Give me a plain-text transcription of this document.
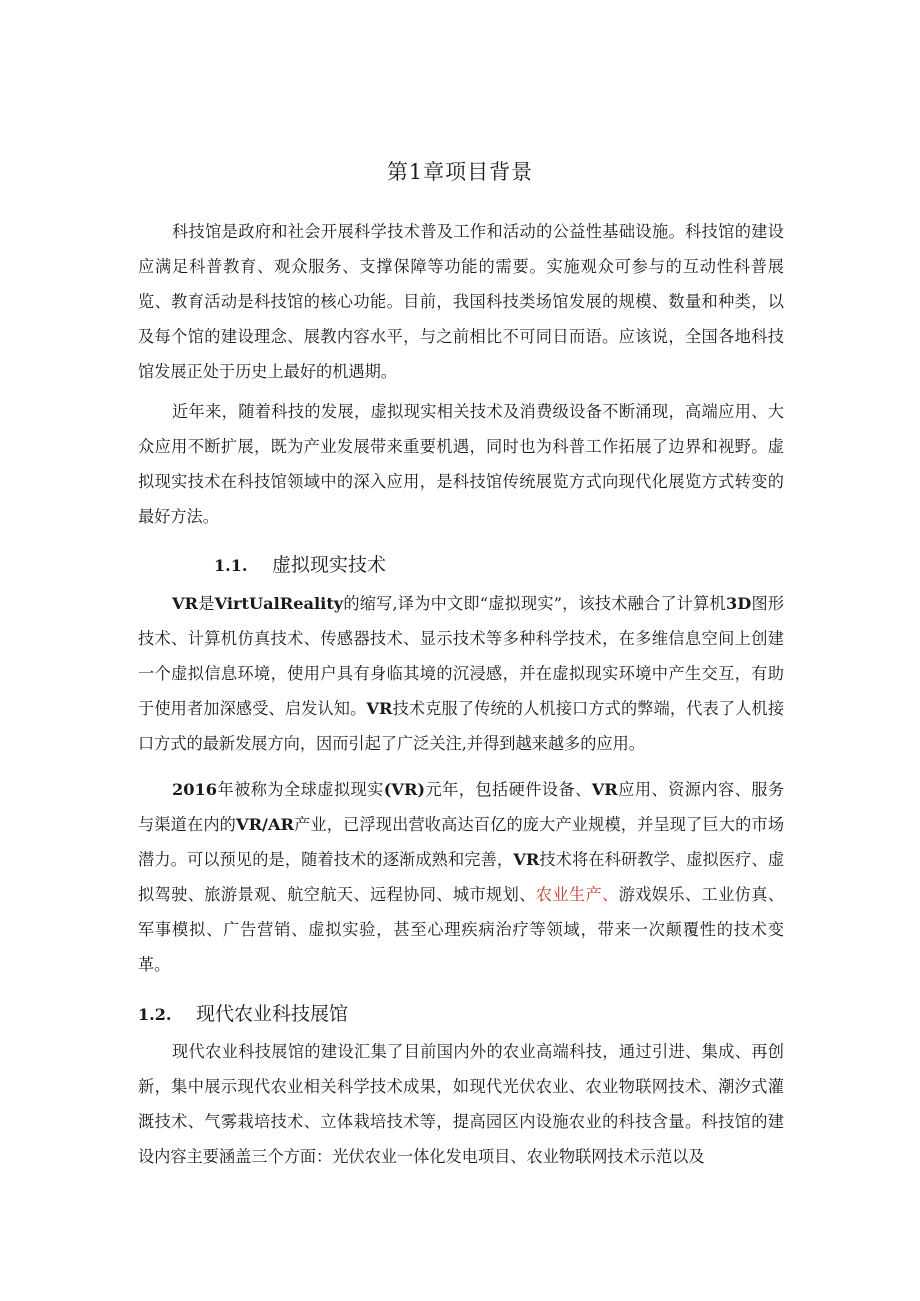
第1章项目背景

科技馆是政府和社会开展科学技术普及工作和活动的公益性基础设施。科技馆的建设应满足科普教育、观众服务、支撑保障等功能的需要。实施观众可参与的互动性科普展览、教育活动是科技馆的核心功能。目前，我国科技类场馆发展的规模、数量和种类，以及每个馆的建设理念、展教内容水平，与之前相比不可同日而语。应该说，全国各地科技馆发展正处于历史上最好的机遇期。

近年来，随着科技的发展，虚拟现实相关技术及消费级设备不断涌现，高端应用、大众应用不断扩展，既为产业发展带来重要机遇，同时也为科普工作拓展了边界和视野。虚拟现实技术在科技馆领域中的深入应用，是科技馆传统展览方式向现代化展览方式转变的最好方法。

1.1. 虚拟现实技术

VR是VirtUalReality的缩写,译为中文即“虚拟现实”，该技术融合了计算机3D图形技术、计算机仿真技术、传感器技术、显示技术等多种科学技术，在多维信息空间上创建一个虚拟信息环境，使用户具有身临其境的沉浸感，并在虚拟现实环境中产生交互，有助于使用者加深感受、启发认知。VR技术克服了传统的人机接口方式的弊端，代表了人机接口方式的最新发展方向，因而引起了广泛关注,并得到越来越多的应用。

2016年被称为全球虚拟现实(VR)元年，包括硬件设备、VR应用、资源内容、服务与渠道在内的VR/AR产业，已浮现出营收高达百亿的庞大产业规模，并呈现了巨大的市场潜力。可以预见的是，随着技术的逐渐成熟和完善，VR技术将在科研教学、虚拟医疗、虚拟驾驶、旅游景观、航空航天、远程协同、城市规划、农业生产、游戏娱乐、工业仿真、军事模拟、广告营销、虚拟实验，甚至心理疾病治疗等领域，带来一次颠覆性的技术变革。

1.2. 现代农业科技展馆

现代农业科技展馆的建设汇集了目前国内外的农业高端科技，通过引进、集成、再创新，集中展示现代农业相关科学技术成果，如现代光伏农业、农业物联网技术、潮汐式灌溉技术、气雾栽培技术、立体栽培技术等，提高园区内设施农业的科技含量。科技馆的建设内容主要涵盖三个方面：光伏农业一体化发电项目、农业物联网技术示范以及
